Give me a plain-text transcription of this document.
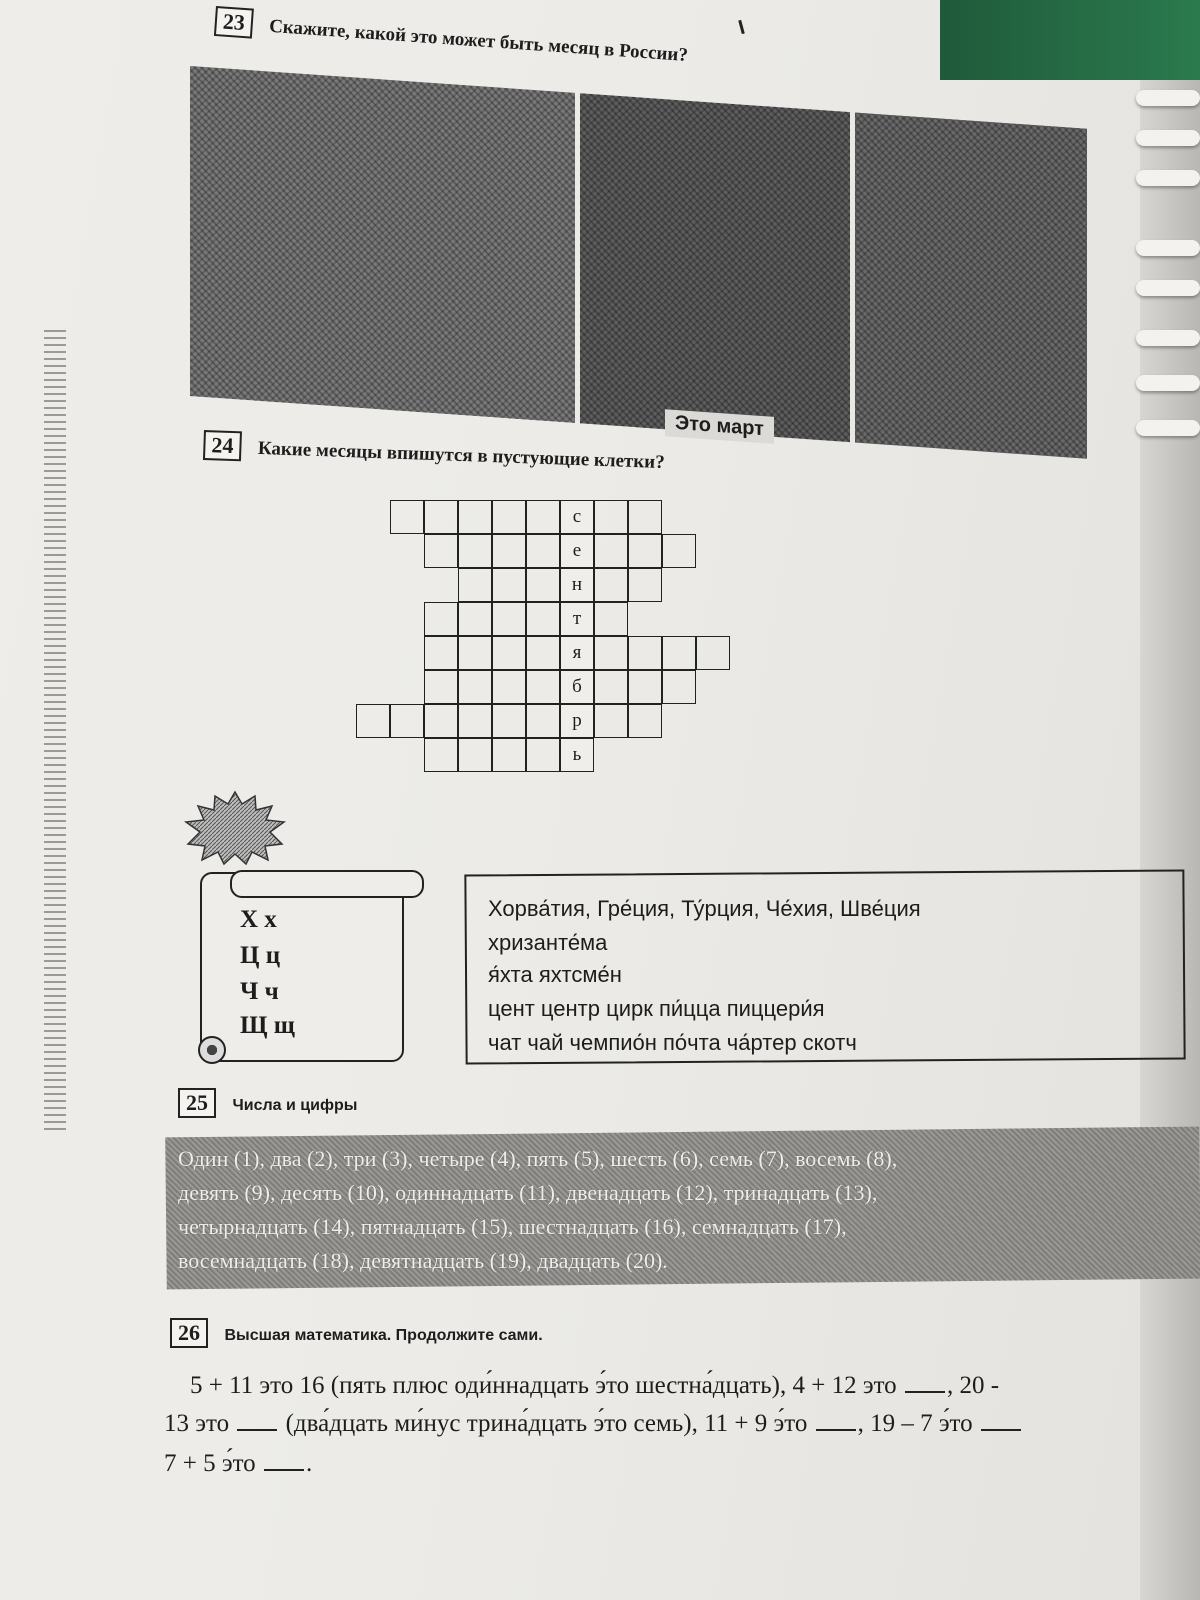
23 Скажите, какой это может быть месяц в России?
Это март
24 Какие месяцы впишутся в пустующие клетки?
с
е
н
т
я
б
р
ь
Х х
Ц ц
Ч ч
Щ щ
Хорва́тия, Гре́ция, Ту́рция, Че́хия, Шве́ция
хризанте́ма
я́хта яхтсме́н
цент центр цирк пи́цца пиццери́я
чат чай чемпио́н по́чта ча́ртер скотч
25 Числа и цифры
Один (1), два (2), три (3), четыре (4), пять (5), шесть (6), семь (7), восемь (8),
девять (9), десять (10), одиннадцать (11), двенадцать (12), тринадцать (13),
четырнадцать (14), пятнадцать (15), шестнадцать (16), семнадцать (17),
восемнадцать (18), девятнадцать (19), двадцать (20).
26 Высшая математика. Продолжите сами.
5 + 11 это 16 (пять плюс оди́ннадцать э́то шестна́дцать), 4 + 12 это , 20 -
13 это (два́дцать ми́нус трина́дцать э́то семь), 11 + 9 э́то , 19 – 7 э́то
7 + 5 э́то .
